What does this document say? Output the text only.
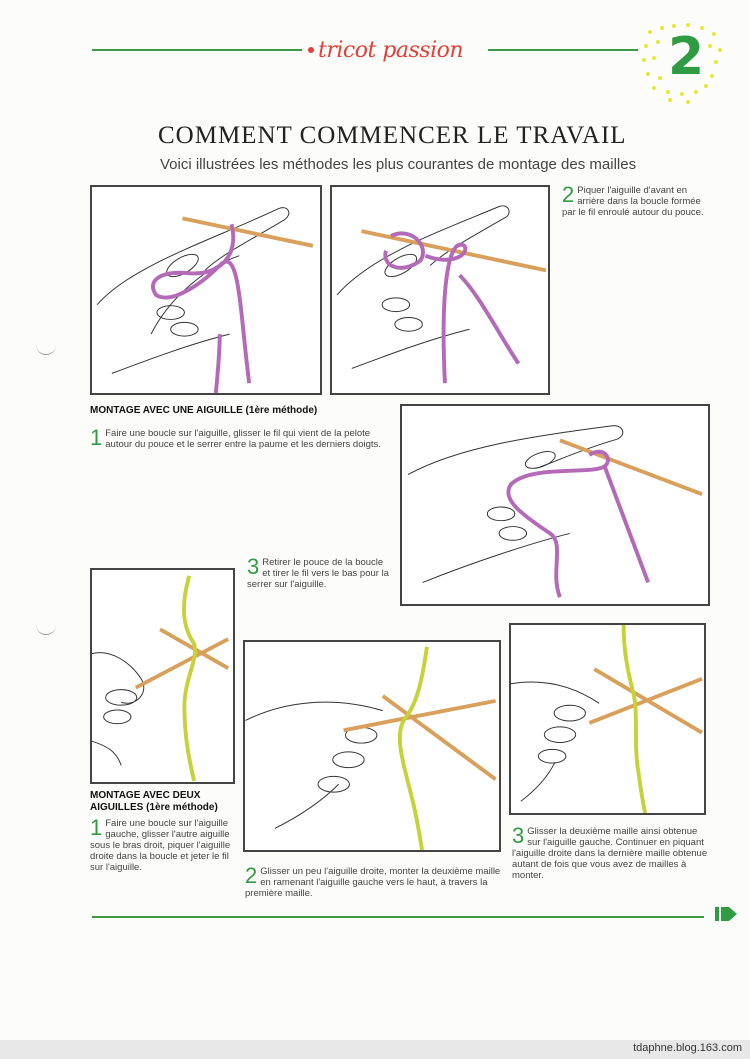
tricot passion	2
COMMENT COMMENCER LE TRAVAIL
Voici illustrées les méthodes les plus courantes de montage des mailles
2 Piquer l'aiguille d'avant en arrière dans la boucle formée par le fil enroulé autour du pouce.
MONTAGE AVEC UNE AIGUILLE (1ère méthode)
1 Faire une boucle sur l'aiguille, glisser le fil qui vient de la pelote autour du pouce et le serrer entre la paume et les derniers doigts.
3 Retirer le pouce de la boucle et tirer le fil vers le bas pour la serrer sur l'aiguille.
MONTAGE AVEC DEUX
AIGUILLES (1ère méthode)
1 Faire une boucle sur l'aiguille gauche, glisser l'autre aiguille sous le bras droit, piquer l'aiguille droite dans la boucle et jeter le fil sur l'aiguille.	2 Glisser un peu l'aiguille droite, monter la deuxième maille en ramenant l'aiguille gauche vers le haut, à travers la première maille.
3 Glisser la deuxième maille ainsi obtenue sur l'aiguille gauche. Continuer en piquant l'aiguille droite dans la dernière maille obtenue autant de fois que vous avez de mailles à monter.
tdaphne.blog.163.com
